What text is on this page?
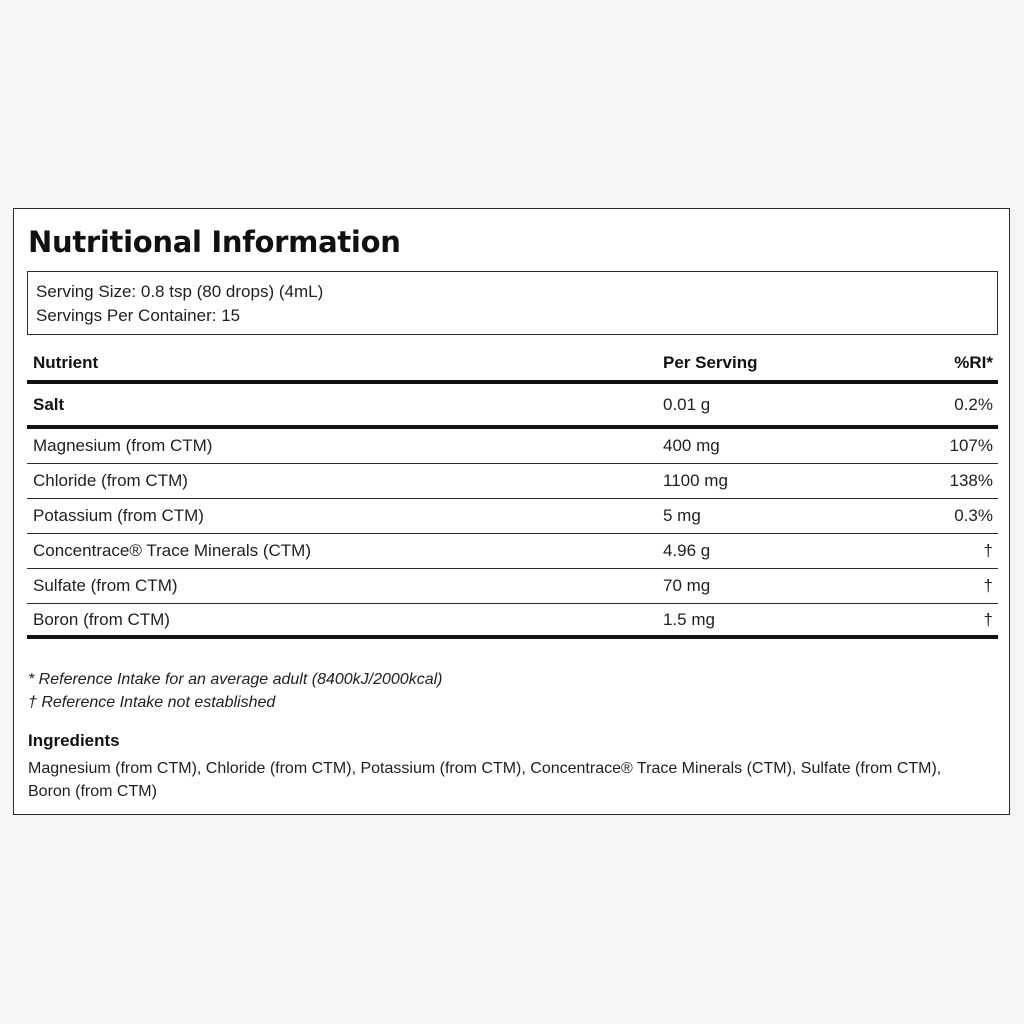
Nutritional Information
Serving Size: 0.8 tsp (80 drops) (4mL)
Servings Per Container: 15
Nutrient	Per Serving	%RI*
Salt	0.01 g	0.2%
Magnesium (from CTM)	400 mg	107%
Chloride (from CTM)	1100 mg	138%
Potassium (from CTM)	5 mg	0.3%
Concentrace® Trace Minerals (CTM)	4.96 g	†
Sulfate (from CTM)	70 mg	†
Boron (from CTM)	1.5 mg	†
* Reference Intake for an average adult (8400kJ/2000kcal)
† Reference Intake not established
Ingredients
Magnesium (from CTM), Chloride (from CTM), Potassium (from CTM), Concentrace® Trace Minerals (CTM), Sulfate (from CTM), Boron (from CTM)
